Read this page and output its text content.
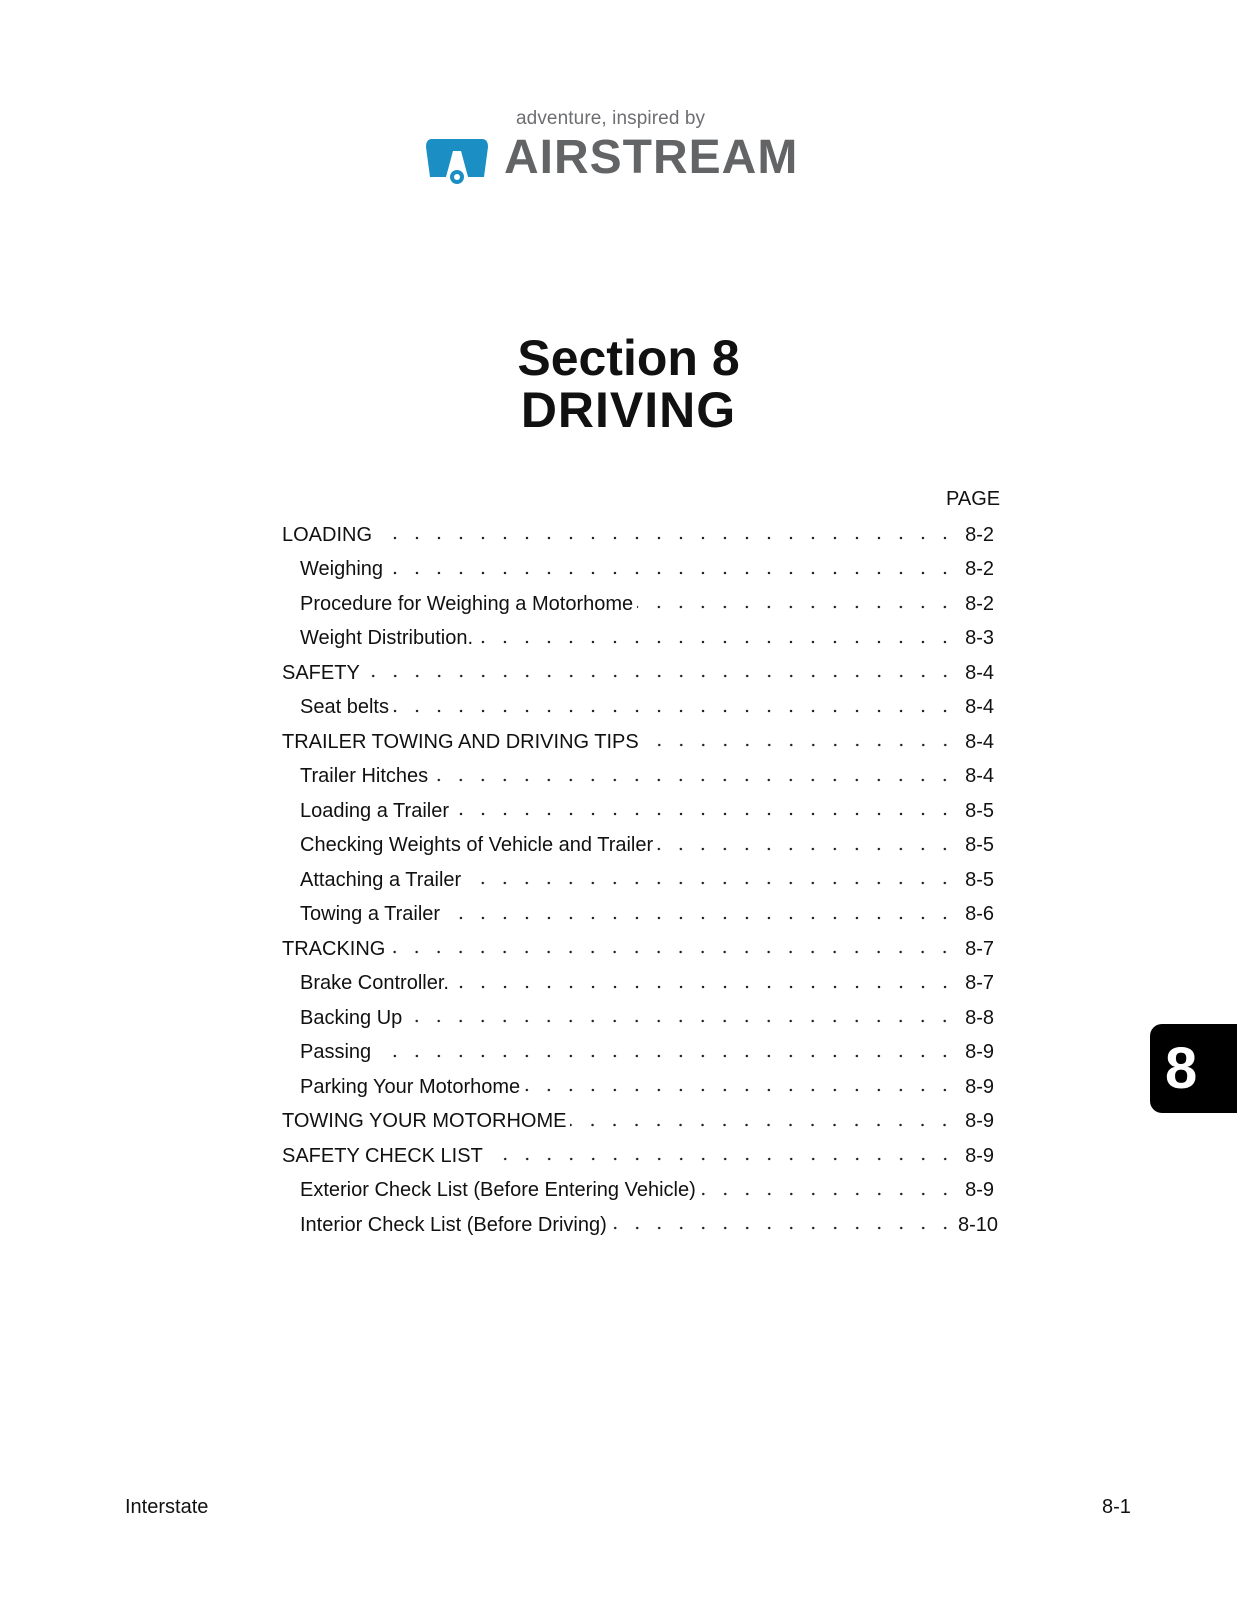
adventure, inspired by
AIRSTREAM
Section 8
DRIVING
PAGE
LOADING	8-2
Weighing	8-2
Procedure for Weighing a Motorhome	8-2
Weight Distribution.	8-3
SAFETY	8-4
Seat belts	8-4
TRAILER TOWING AND DRIVING TIPS	8-4
Trailer Hitches	8-4
Loading a Trailer	8-5
Checking Weights of Vehicle and Trailer	8-5
Attaching a Trailer	8-5
Towing a Trailer	8-6
TRACKING	8-7
Brake Controller.	8-7
Backing Up	8-8
Passing	8-9
Parking Your Motorhome	8-9
TOWING YOUR MOTORHOME	8-9
SAFETY CHECK LIST	8-9
Exterior Check List (Before Entering Vehicle)	8-9
Interior Check List (Before Driving)	8-10
8
Interstate	8-1
